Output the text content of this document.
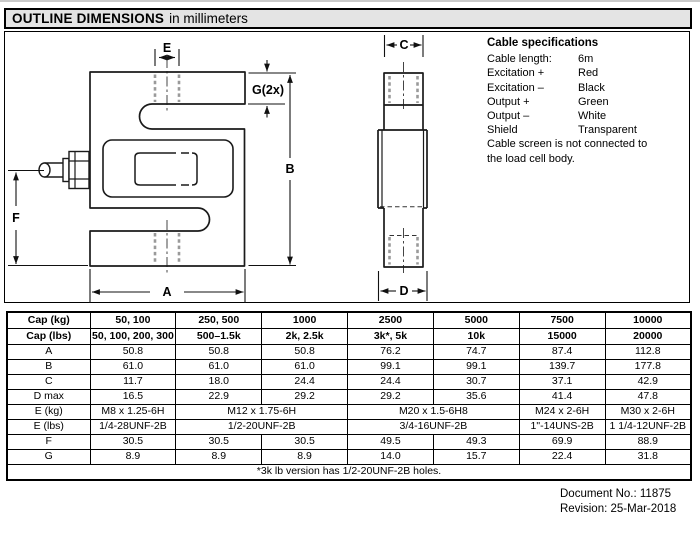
OUTLINE DIMENSIONS in millimeters
E
G(2x)
B
F
A
C
D
Cable specifications
Cable length:	6m
Excitation +	Red
Excitation –	Black
Output +	Green
Output –	White
Shield	Transparent
Cable screen is not connected to the load cell body.
Cap (kg)	50, 100	250, 500	1000	2500	5000	7500	10000
Cap (lbs)	50, 100, 200, 300	500–1.5k	2k, 2.5k	3k*, 5k	10k	15000	20000
A	50.8	50.8	50.8	76.2	74.7	87.4	112.8
B	61.0	61.0	61.0	99.1	99.1	139.7	177.8
C	11.7	18.0	24.4	24.4	30.7	37.1	42.9
D max	16.5	22.9	29.2	29.2	35.6	41.4	47.8
E (kg)	M8 x 1.25-6H	M12 x 1.75-6H		M20 x 1.5-6H8		M24 x 2-6H	M30 x 2-6H
E (lbs)	1/4-28UNF-2B	1/2-20UNF-2B		3/4-16UNF-2B		1"-14UNS-2B	1 1/4-12UNF-2B
F	30.5	30.5	30.5	49.5	49.3	69.9	88.9
G	8.9	8.9	8.9	14.0	15.7	22.4	31.8
*3k lb version has 1/2-20UNF-2B holes.							
Document No.: 11875
Revision: 25-Mar-2018
